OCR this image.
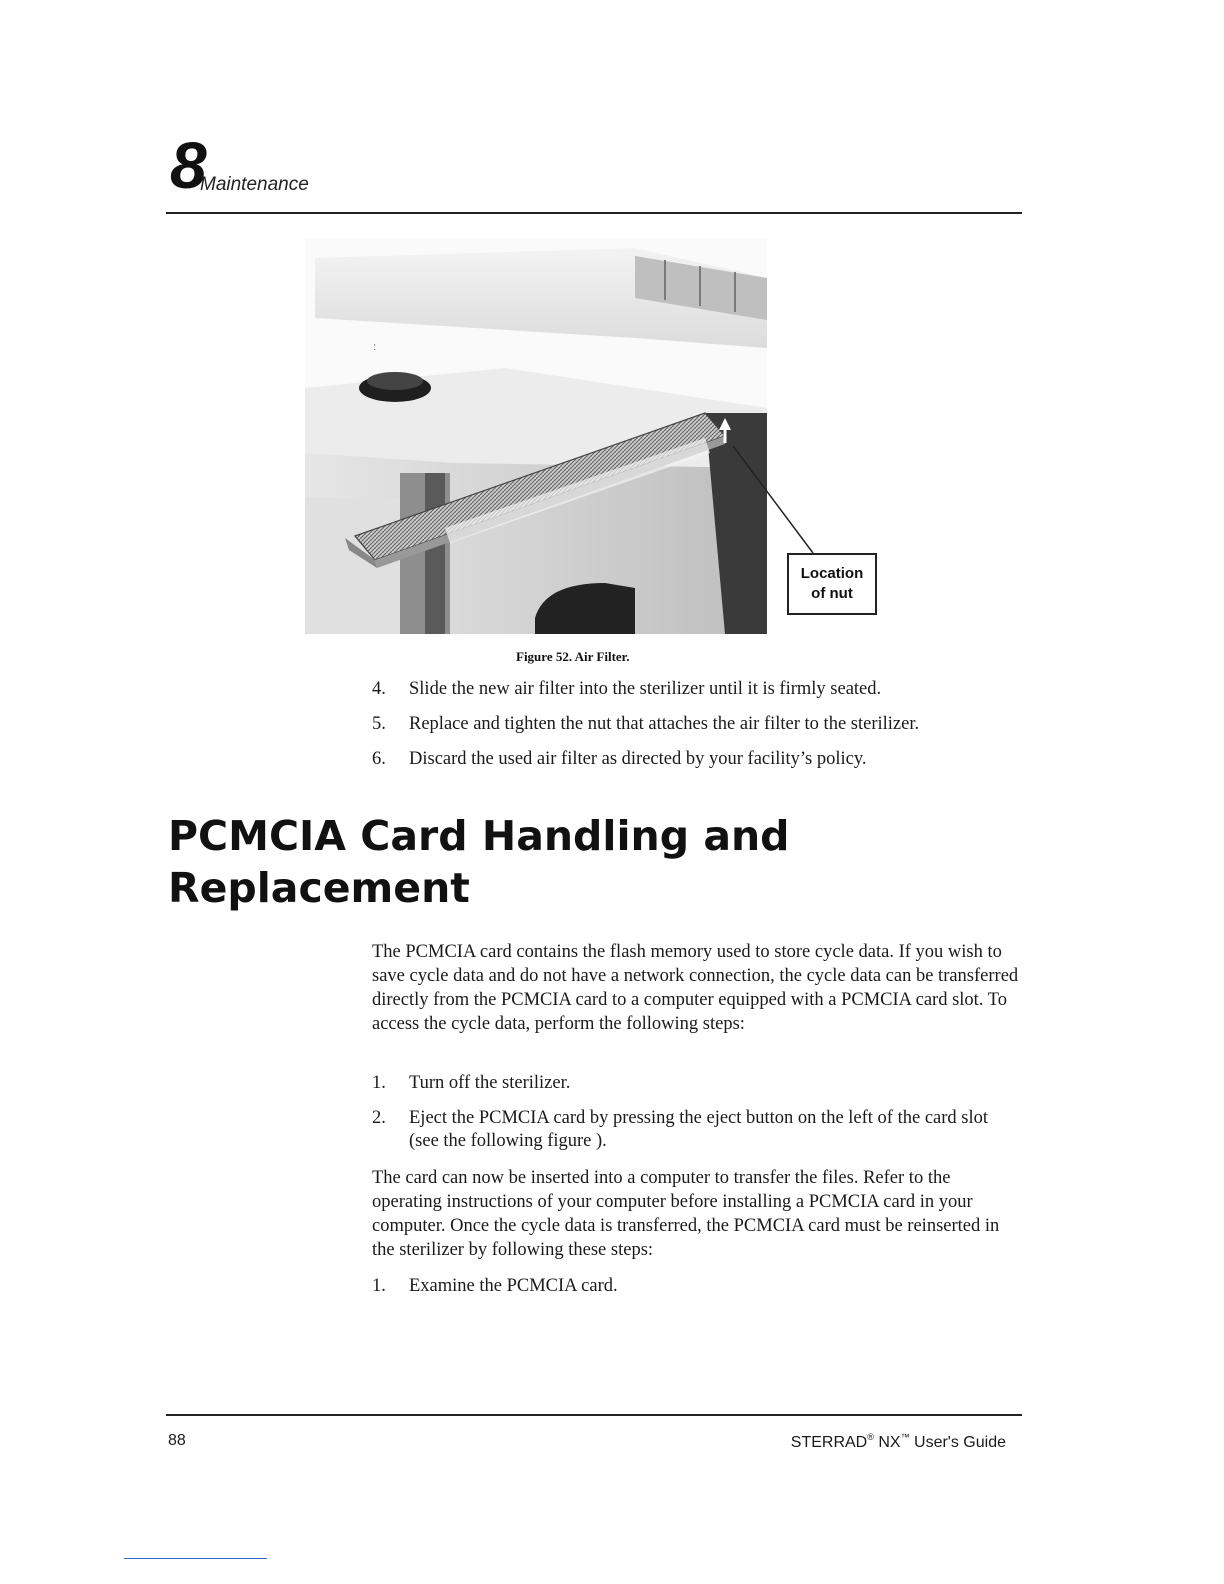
8
Maintenance
ː
Location
of nut
Figure 52. Air Filter.
4. Slide the new air filter into the sterilizer until it is firmly seated.
5. Replace and tighten the nut that attaches the air filter to the sterilizer.
6. Discard the used air filter as directed by your facility’s policy.
PCMCIA Card Handling and
Replacement

The PCMCIA card contains the flash memory used to store cycle data. If you wish to save cycle data and do not have a network connection, the cycle data can be transferred directly from the PCMCIA card to a computer equipped with a PCMCIA card slot. To access the cycle data, perform the following steps:

1. Turn off the sterilizer.
2. Eject the PCMCIA card by pressing the eject button on the left of the card slot (see the following figure ).

The card can now be inserted into a computer to transfer the files. Refer to the operating instructions of your computer before installing a PCMCIA card in your computer. Once the cycle data is transferred, the PCMCIA card must be reinserted in the sterilizer by following these steps:

1. Examine the PCMCIA card.
88	STERRAD® NX™ User's Guide
